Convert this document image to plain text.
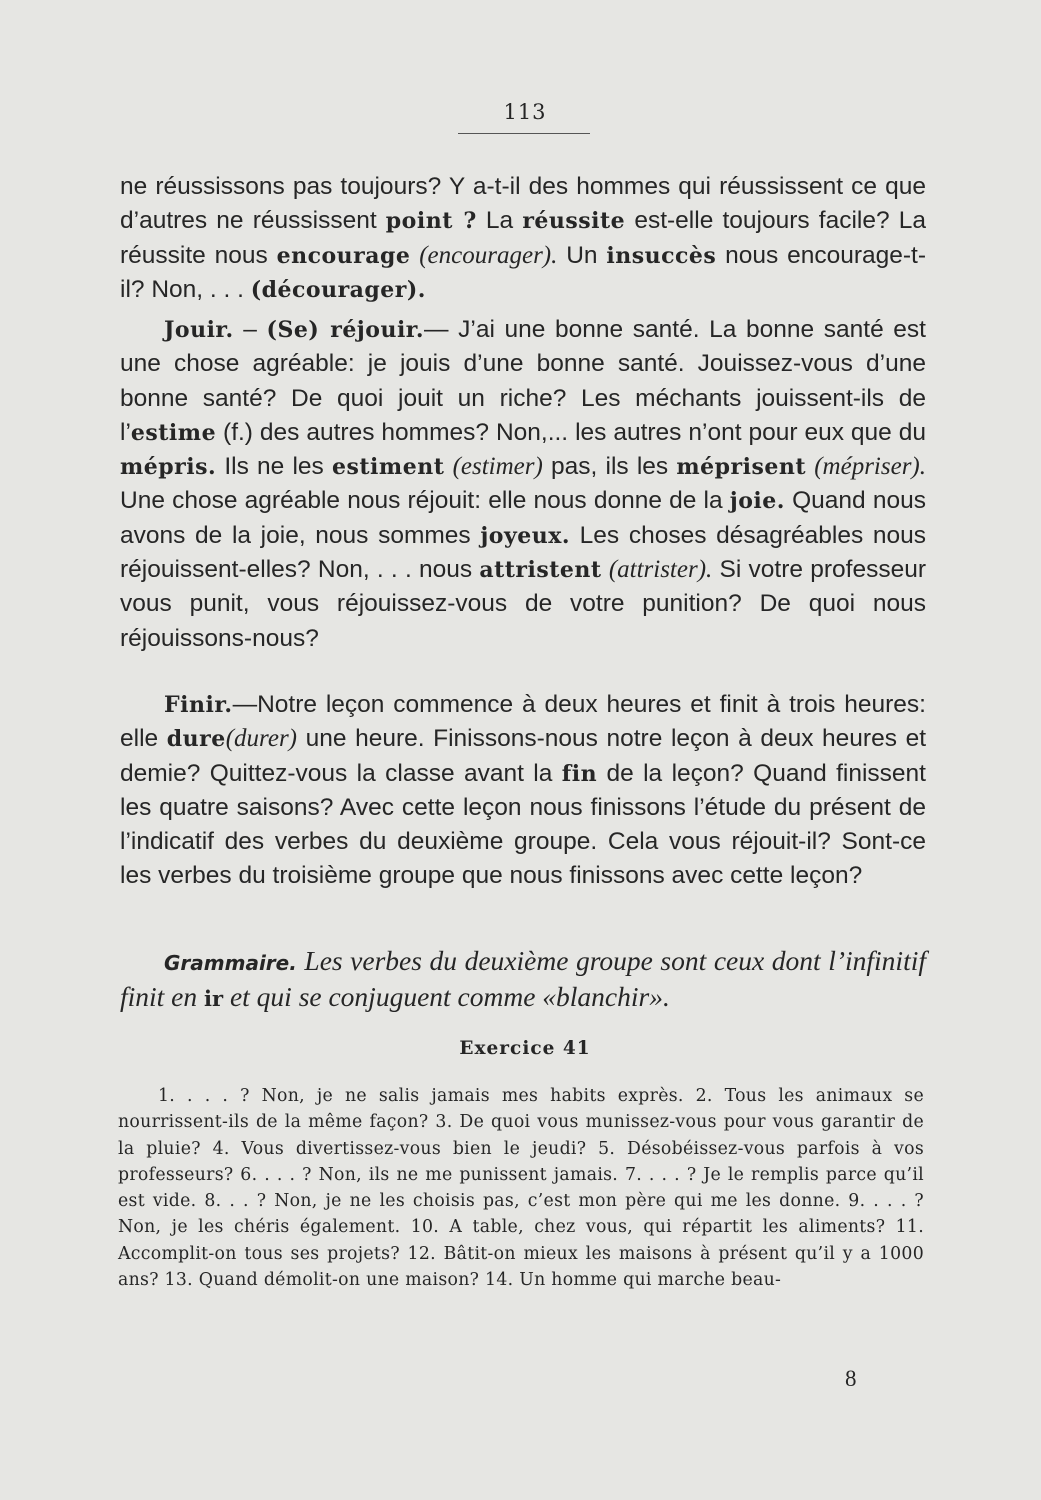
113

ne réussissons pas toujours? Y a-t-il des hommes qui réussissent ce que d’autres ne réussissent point ? La réussite est-elle toujours facile? La réussite nous encourage (encourager). Un insuccès nous encourage-t-il? Non, . . . (décourager).

Jouir. – (Se) réjouir.— J’ai une bonne santé. La bonne santé est une chose agréable: je jouis d’une bonne santé. Jouissez-vous d’une bonne santé? De quoi jouit un riche? Les méchants jouissent-ils de l’estime (f.) des autres hommes? Non,... les autres n’ont pour eux que du mépris. Ils ne les estiment (estimer) pas, ils les méprisent (mépriser). Une chose agréable nous réjouit: elle nous donne de la joie. Quand nous avons de la joie, nous sommes joyeux. Les choses désagréables nous réjouissent-elles? Non, . . . nous attristent (attrister). Si votre professeur vous punit, vous réjouissez-vous de votre punition? De quoi nous réjouissons-nous?

Finir.—Notre leçon commence à deux heures et finit à trois heures: elle dure(durer) une heure. Finissons-nous notre leçon à deux heures et demie? Quittez-vous la classe avant la fin de la leçon? Quand finissent les quatre saisons? Avec cette leçon nous finissons l’étude du présent de l’indicatif des verbes du deuxième groupe. Cela vous réjouit-il? Sont-ce les verbes du troisième groupe que nous finissons avec cette leçon?

Grammaire. Les verbes du deuxième groupe sont ceux dont l’infinitif finit en ir et qui se conjuguent comme «blanchir».

Exercice 41

1. . . . ? Non, je ne salis jamais mes habits exprès. 2. Tous les animaux se nourrissent-ils de la même façon? 3. De quoi vous munissez-vous pour vous garantir de la pluie? 4. Vous divertissez-vous bien le jeudi? 5. Désobéissez-vous parfois à vos professeurs? 6. . . . ? Non, ils ne me punissent jamais. 7. . . . ? Je le remplis parce qu’il est vide. 8. . . ? Non, je ne les choisis pas, c’est mon père qui me les donne. 9. . . . ? Non, je les chéris également. 10. A table, chez vous, qui répartit les aliments? 11. Accomplit-on tous ses projets? 12. Bâtit-on mieux les maisons à présent qu’il y a 1000 ans? 13. Quand démolit-on une maison? 14. Un homme qui marche beau-

8
